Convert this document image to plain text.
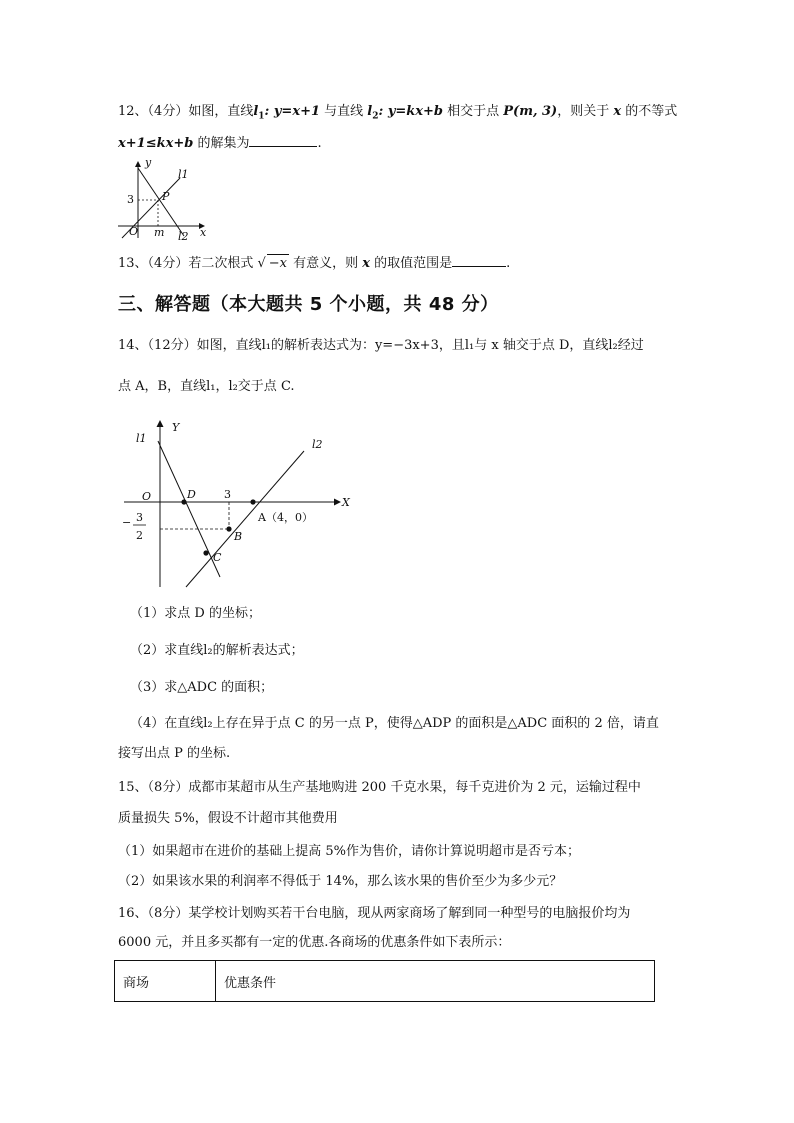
12、（4分）如图，直线$l_1$: y=x+1 与直线 $l_2$: y=kx+b 相交于点 P(m, 3)，则关于 x 的不等式
x+1≤kx+b 的解集为	.
y
x
l1
l2
P
3
O m
13、（4分）若二次根式 √ −x 有意义，则 x 的取值范围是	.
三、解答题（本大题共 5 个小题，共 48 分）
14、（12分）如图，直线l₁的解析表达式为：y=−3x+3，且l₁与 x 轴交于点 D，直线l₂经过
点 A，B，直线l₁，l₂交于点 C.
Y
X
l1	l2
O	D	3
A（4，0）
B
C
− 3
2
（1）求点 D 的坐标；
（2）求直线l₂的解析表达式；
（3）求△ADC 的面积；
（4）在直线l₂上存在异于点 C 的另一点 P，使得△ADP 的面积是△ADC 面积的 2 倍，请直
接写出点 P 的坐标.
15、（8分）成都市某超市从生产基地购进 200 千克水果，每千克进价为 2 元，运输过程中
质量损失 5%，假设不计超市其他费用
（1）如果超市在进价的基础上提高 5%作为售价，请你计算说明超市是否亏本；
（2）如果该水果的利润率不得低于 14%，那么该水果的售价至少为多少元？
16、（8分）某学校计划购买若干台电脑，现从两家商场了解到同一种型号的电脑报价均为
6000 元，并且多买都有一定的优惠.各商场的优惠条件如下表所示：
商场	优惠条件
